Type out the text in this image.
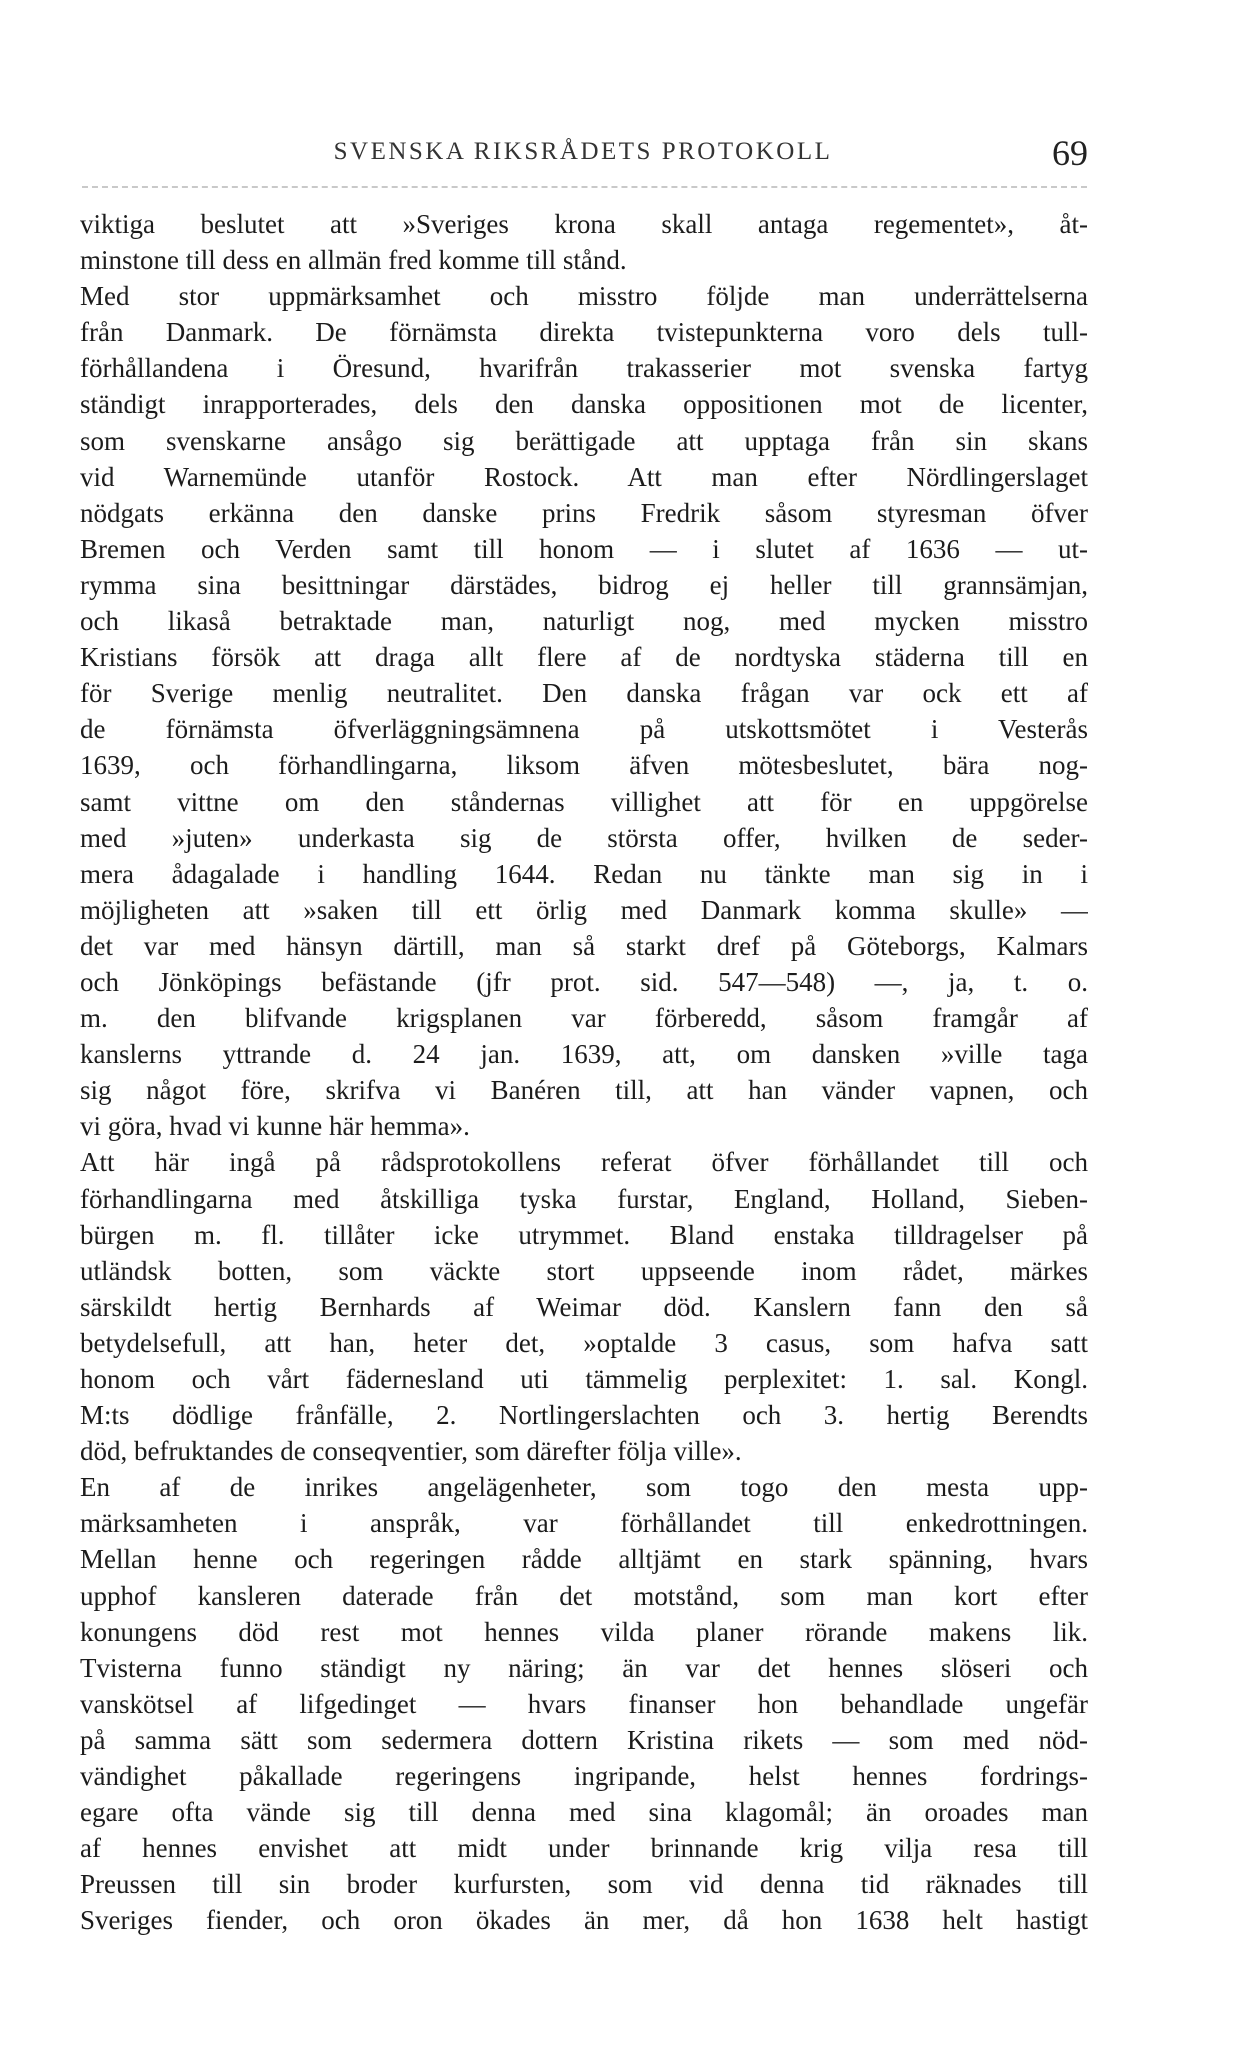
SVENSKA RIKSRÅDETS PROTOKOLL	69
viktiga beslutet att »Sveriges krona skall antaga regementet», åt-
minstone till dess en allmän fred komme till stånd.
Med stor uppmärksamhet och misstro följde man underrättelserna
från Danmark. De förnämsta direkta tvistepunkterna voro dels tull-
förhållandena i Öresund, hvarifrån trakasserier mot svenska fartyg
ständigt inrapporterades, dels den danska oppositionen mot de licenter,
som svenskarne ansågo sig berättigade att upptaga från sin skans
vid Warnemünde utanför Rostock. Att man efter Nördlingerslaget
nödgats erkänna den danske prins Fredrik såsom styresman öfver
Bremen och Verden samt till honom — i slutet af 1636 — ut-
rymma sina besittningar därstädes, bidrog ej heller till grannsämjan,
och likaså betraktade man, naturligt nog, med mycken misstro
Kristians försök att draga allt flere af de nordtyska städerna till en
för Sverige menlig neutralitet. Den danska frågan var ock ett af
de förnämsta öfverläggningsämnena på utskottsmötet i Vesterås
1639, och förhandlingarna, liksom äfven mötesbeslutet, bära nog-
samt vittne om den ståndernas villighet att för en uppgörelse
med »juten» underkasta sig de största offer, hvilken de seder-
mera ådagalade i handling 1644. Redan nu tänkte man sig in i
möjligheten att »saken till ett örlig med Danmark komma skulle» —
det var med hänsyn därtill, man så starkt dref på Göteborgs, Kalmars
och Jönköpings befästande (jfr prot. sid. 547—548) —, ja, t. o.
m. den blifvande krigsplanen var förberedd, såsom framgår af
kanslerns yttrande d. 24 jan. 1639, att, om dansken »ville taga
sig något före, skrifva vi Banéren till, att han vänder vapnen, och
vi göra, hvad vi kunne här hemma».
Att här ingå på rådsprotokollens referat öfver förhållandet till och
förhandlingarna med åtskilliga tyska furstar, England, Holland, Sieben-
bürgen m. fl. tillåter icke utrymmet. Bland enstaka tilldragelser på
utländsk botten, som väckte stort uppseende inom rådet, märkes
särskildt hertig Bernhards af Weimar död. Kanslern fann den så
betydelsefull, att han, heter det, »optalde 3 casus, som hafva satt
honom och vårt fädernesland uti tämmelig perplexitet: 1. sal. Kongl.
M:ts dödlige frånfälle, 2. Nortlingerslachten och 3. hertig Berendts
död, befruktandes de conseqventier, som därefter följa ville».
En af de inrikes angelägenheter, som togo den mesta upp-
märksamheten i anspråk, var förhållandet till enkedrottningen.
Mellan henne och regeringen rådde alltjämt en stark spänning, hvars
upphof kansleren daterade från det motstånd, som man kort efter
konungens död rest mot hennes vilda planer rörande makens lik.
Tvisterna funno ständigt ny näring; än var det hennes slöseri och
vanskötsel af lifgedinget — hvars finanser hon behandlade ungefär
på samma sätt som sedermera dottern Kristina rikets — som med nöd-
vändighet påkallade regeringens ingripande, helst hennes fordrings-
egare ofta vände sig till denna med sina klagomål; än oroades man
af hennes envishet att midt under brinnande krig vilja resa till
Preussen till sin broder kurfursten, som vid denna tid räknades till
Sveriges fiender, och oron ökades än mer, då hon 1638 helt hastigt
